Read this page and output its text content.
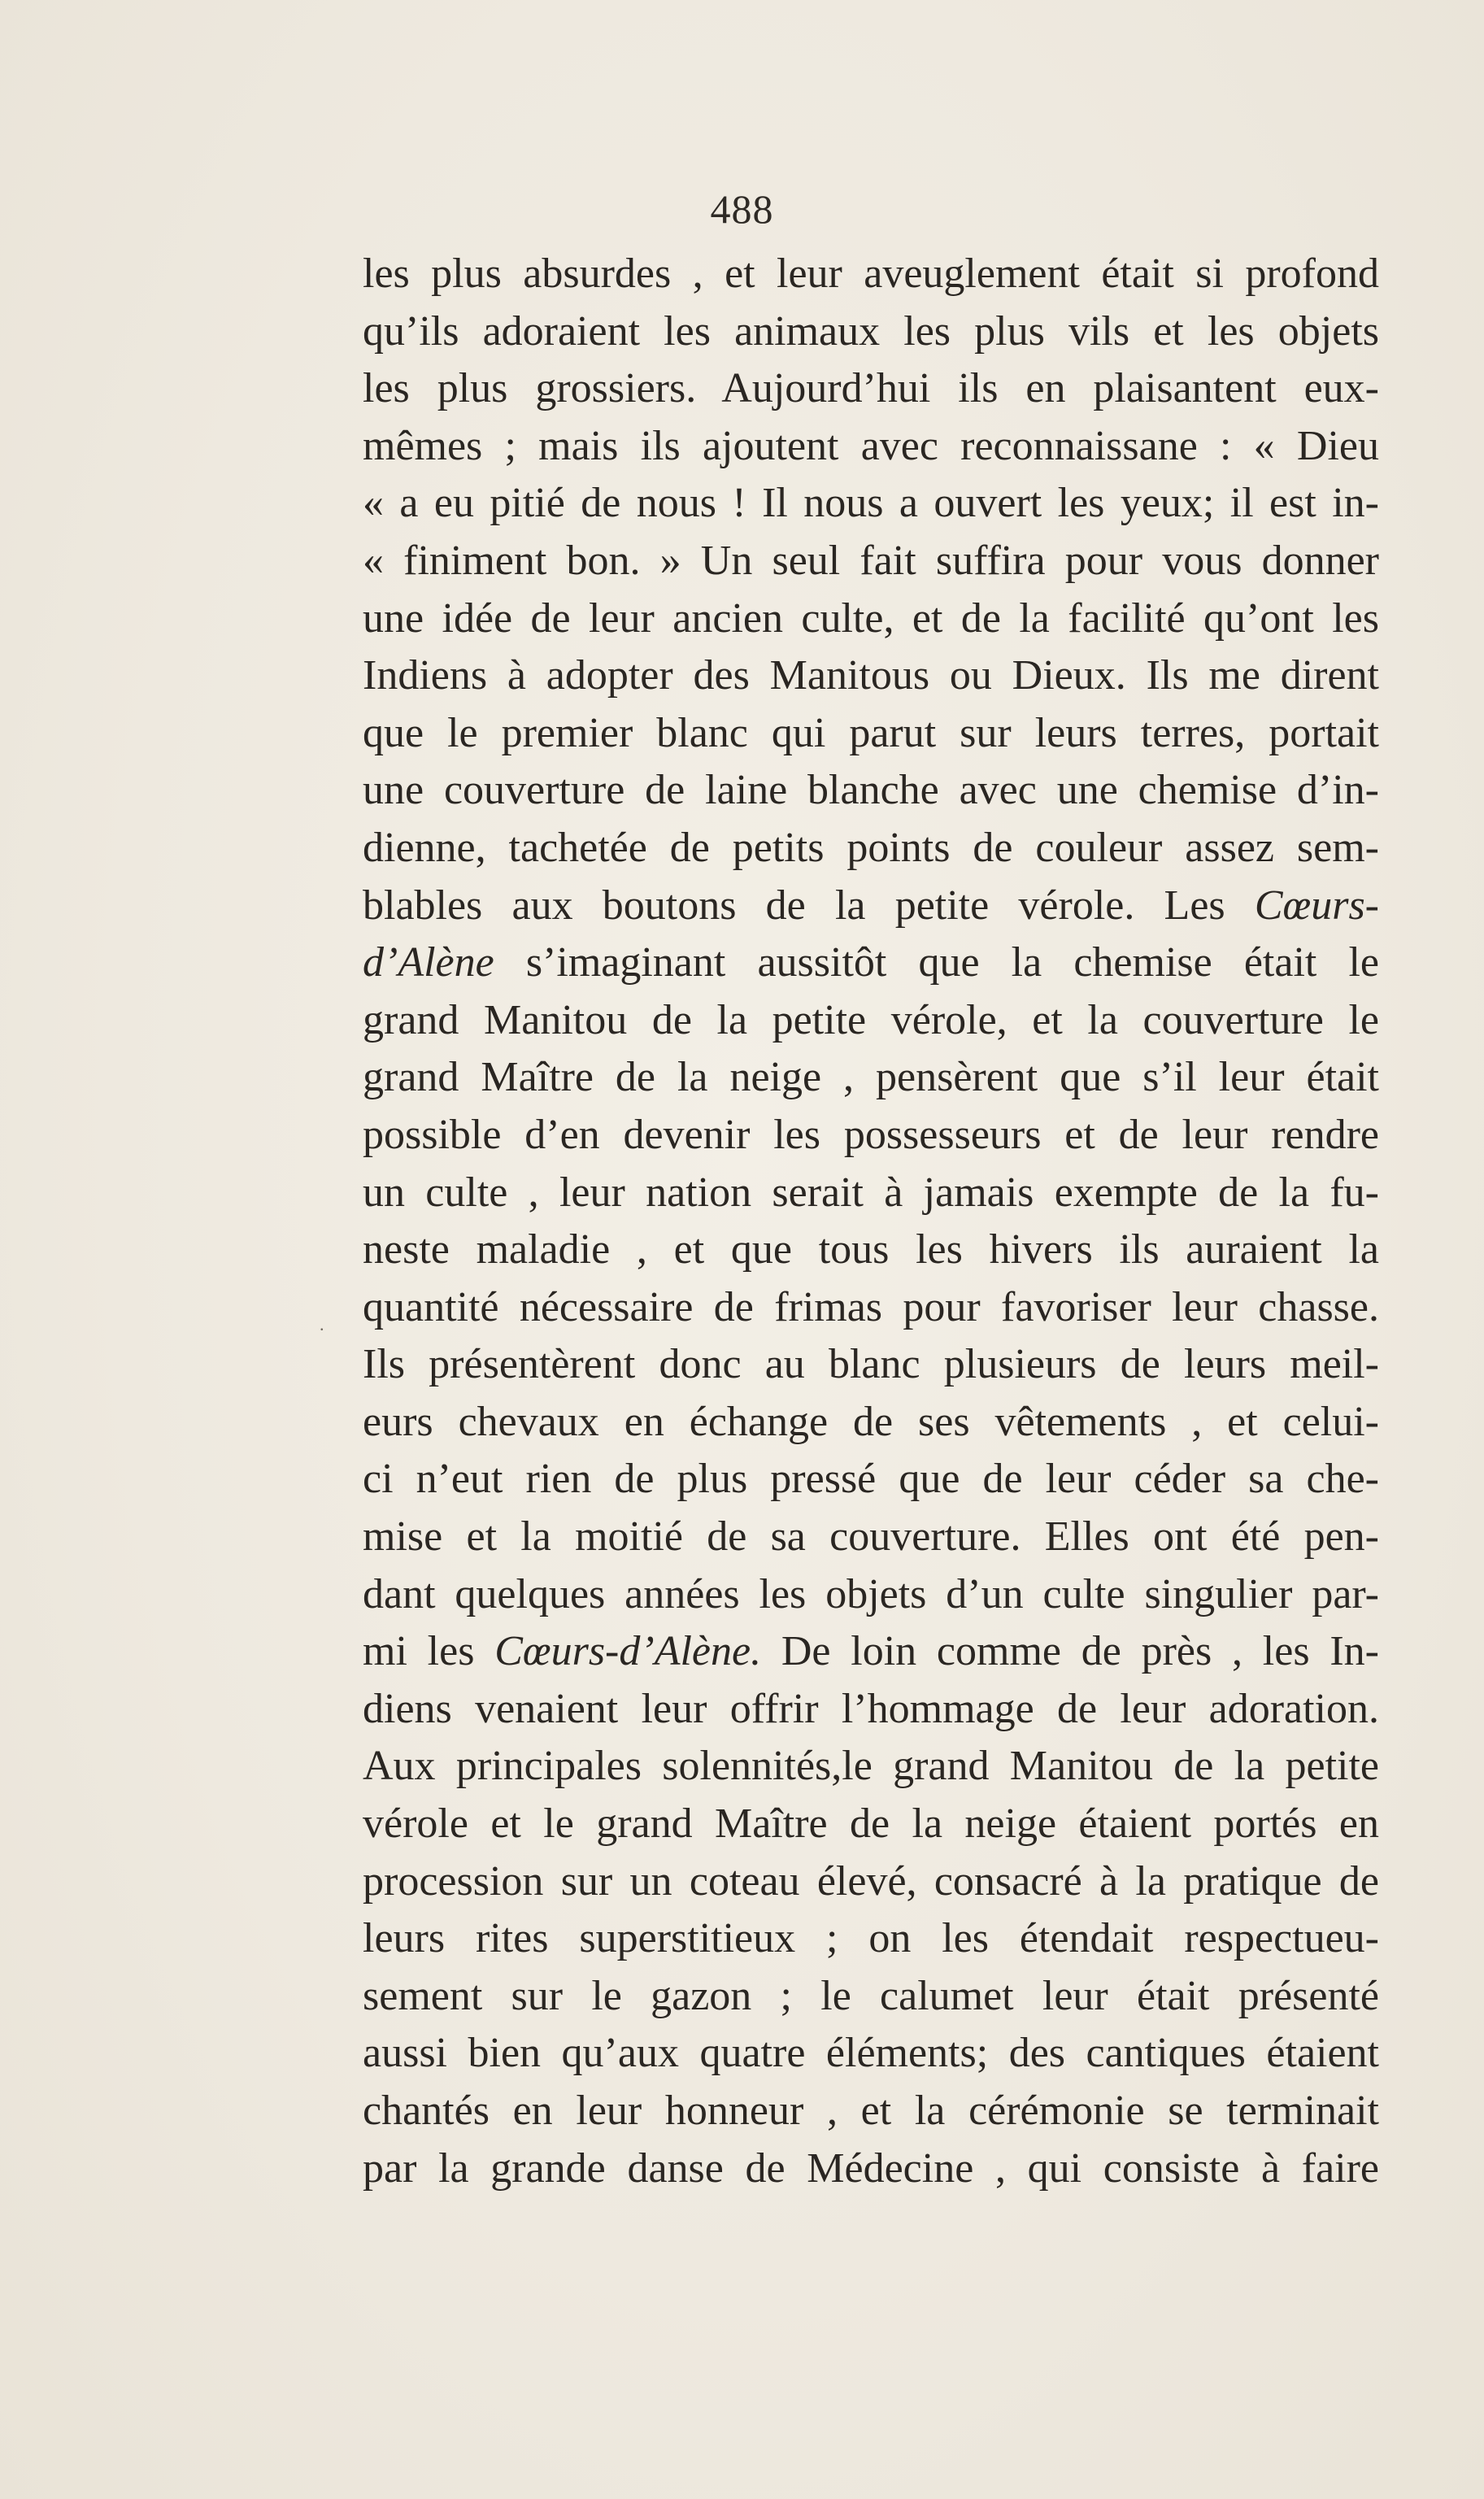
488
.
les plus absurdes , et leur aveuglement était si profond
qu’ils adoraient les animaux les plus vils et les objets
les plus grossiers. Aujourd’hui ils en plaisantent eux-
mêmes ; mais ils ajoutent avec reconnaissane : « Dieu
« a eu pitié de nous ! Il nous a ouvert les yeux; il est in-
« finiment bon. » Un seul fait suffira pour vous donner
une idée de leur ancien culte, et de la facilité qu’ont les
Indiens à adopter des Manitous ou Dieux. Ils me dirent
que le premier blanc qui parut sur leurs terres, portait
une couverture de laine blanche avec une chemise d’in-
dienne, tachetée de petits points de couleur assez sem-
blables aux boutons de la petite vérole. Les Cœurs-
d’Alène s’imaginant aussitôt que la chemise était le
grand Manitou de la petite vérole, et la couverture le
grand Maître de la neige , pensèrent que s’il leur était
possible d’en devenir les possesseurs et de leur rendre
un culte , leur nation serait à jamais exempte de la fu-
neste maladie , et que tous les hivers ils auraient la
quantité nécessaire de frimas pour favoriser leur chasse.
Ils présentèrent donc au blanc plusieurs de leurs meil-
eurs chevaux en échange de ses vêtements , et celui-
ci n’eut rien de plus pressé que de leur céder sa che-
mise et la moitié de sa couverture. Elles ont été pen-
dant quelques années les objets d’un culte singulier par-
mi les Cœurs-d’Alène. De loin comme de près , les In-
diens venaient leur offrir l’hommage de leur adoration.
Aux principales solennités,le grand Manitou de la petite
vérole et le grand Maître de la neige étaient portés en
procession sur un coteau élevé, consacré à la pratique de
leurs rites superstitieux ; on les étendait respectueu-
sement sur le gazon ; le calumet leur était présenté
aussi bien qu’aux quatre éléments; des cantiques étaient
chantés en leur honneur , et la cérémonie se terminait
par la grande danse de Médecine , qui consiste à faire
